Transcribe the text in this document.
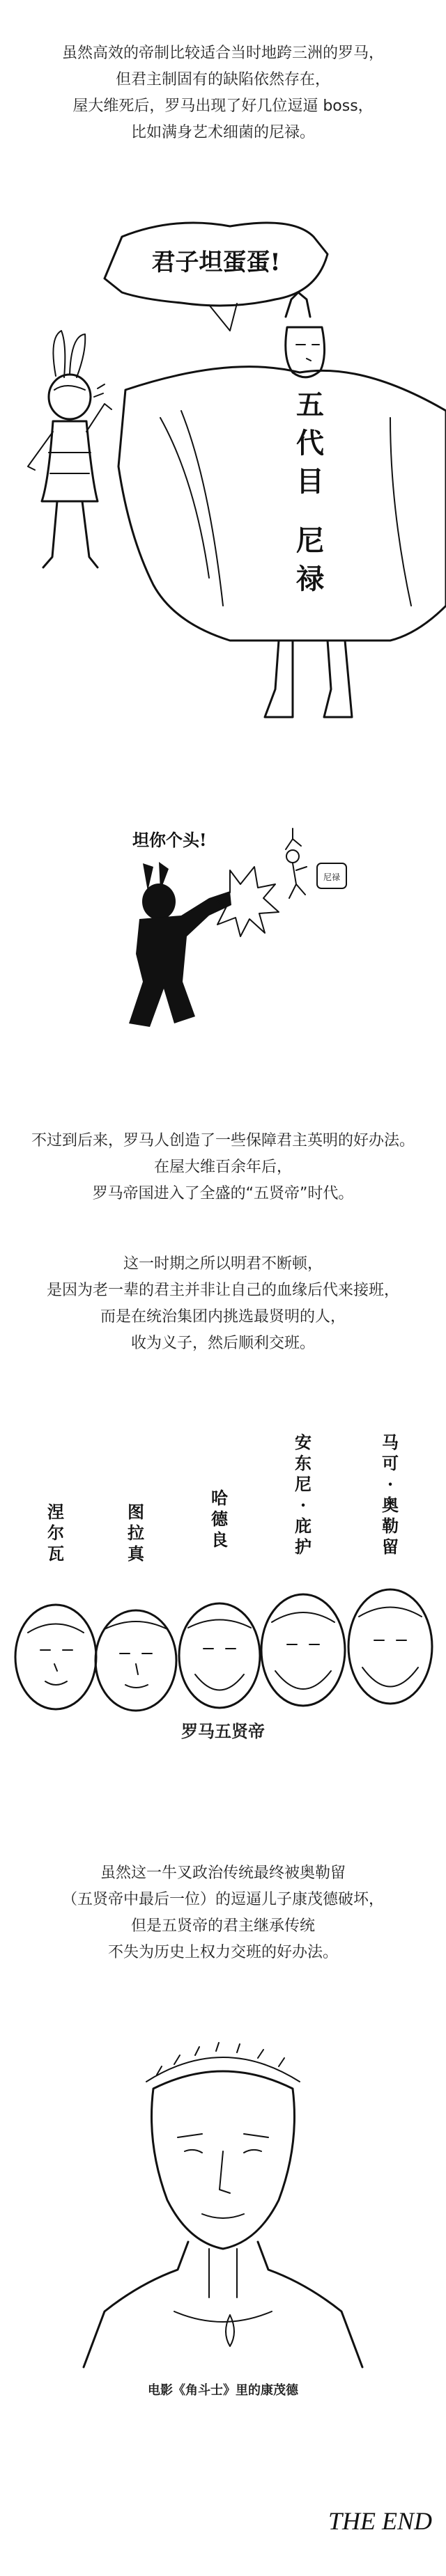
虽然高效的帝制比较适合当时地跨三洲的罗马，
但君主制固有的缺陷依然存在，
屋大维死后，罗马出现了好几位逗逼 boss，
比如满身艺术细菌的尼禄。
君子坦蛋蛋!
五
代
目
尼
禄
坦你个头!
尼禄
不过到后来，罗马人创造了一些保障君主英明的好办法。
在屋大维百余年后，
罗马帝国进入了全盛的“五贤帝”时代。
这一时期之所以明君不断顿，
是因为老一辈的君主并非让自己的血缘后代来接班，
而是在统治集团内挑选最贤明的人，
收为义子，然后顺利交班。
涅
尔
瓦
图
拉
真
哈
德
良
安
东
尼
·
庇
护
马
可
·
奥
勒
留
罗马五贤帝
虽然这一牛叉政治传统最终被奥勒留
（五贤帝中最后一位）的逗逼儿子康茂德破坏，
但是五贤帝的君主继承传统
不失为历史上权力交班的好办法。
电影《角斗士》里的康茂德
THE END
